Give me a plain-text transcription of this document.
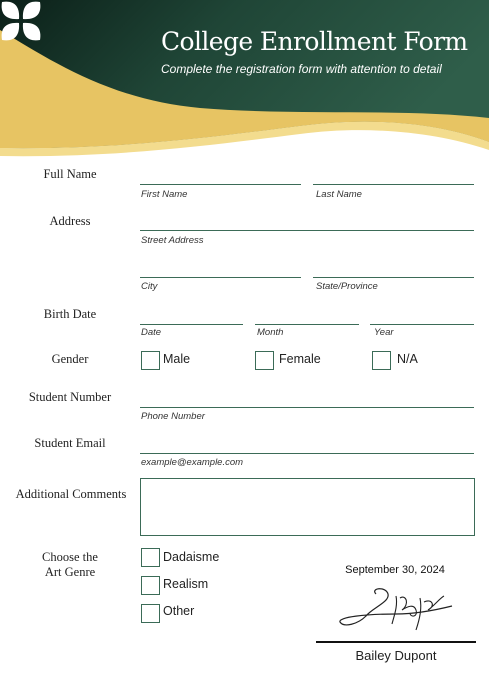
College Enrollment Form
Complete the registration form with attention to detail
Full Name
First Name	Last Name
Address
Street Address
City	State/Province
Birth Date
Date	Month	Year
Gender	Male	Female	N/A
Student Number
Phone Number
Student Email
example@example.com
Additional Comments
Choose the
Art Genre
Dadaisme
Realism
Other
September 30, 2024
Bailey Dupont
